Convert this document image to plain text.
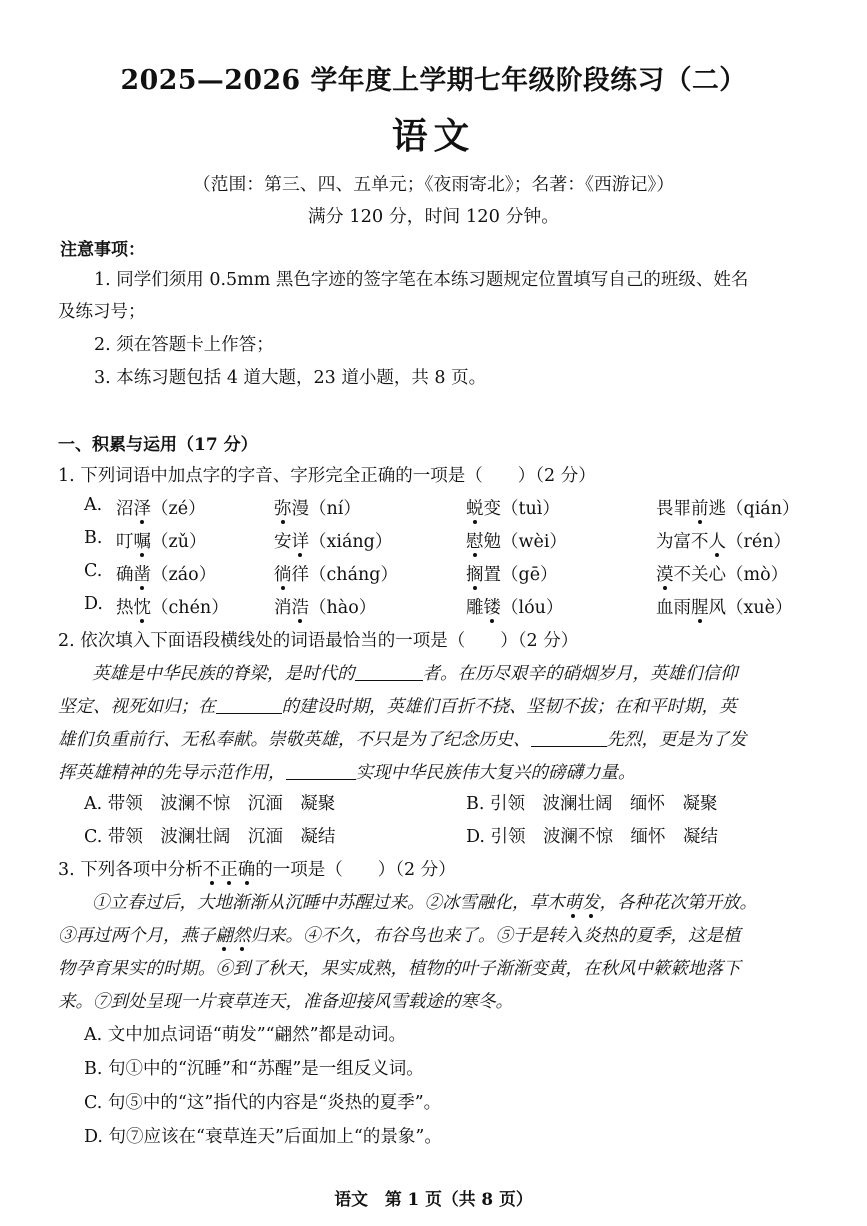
2025—2026 学年度上学期七年级阶段练习（二）
语文
（范围：第三、四、五单元；《夜雨寄北》；名著：《西游记》）
满分 120 分，时间 120 分钟。
注意事项：
1. 同学们须用 0.5mm 黑色字迹的签字笔在本练习题规定位置填写自己的班级、姓名
及练习号；
2. 须在答题卡上作答；
3. 本练习题包括 4 道大题，23 道小题，共 8 页。
一、积累与运用（17 分）
1. 下列词语中加点字的字音、字形完全正确的一项是（　　）（2 分）
A. 沼泽（zé）	弥漫（ní）	蜕变（tuì）	畏罪前逃（qián）
B. 叮嘱（zǔ）	安详（xiáng）	慰勉（wèi）	为富不人（rén）
C. 确凿（záo）	徜徉（cháng）	搁置（gē）	漠不关心（mò）
D. 热忱（chén）	消浩（hào）	雕镂（lóu）	血雨腥风（xuè）
2. 依次填入下面语段横线处的词语最恰当的一项是（　　）（2 分）
英雄是中华民族的脊梁，是时代的	者。在历尽艰辛的硝烟岁月，英雄们信仰
坚定、视死如归；在	的建设时期，英雄们百折不挠、坚韧不拔；在和平时期，英
雄们负重前行、无私奉献。崇敬英雄，不只是为了纪念历史、	先烈，更是为了发
挥英雄精神的先导示范作用，	实现中华民族伟大复兴的磅礴力量。
A. 带领　波澜不惊　沉湎　凝聚	B. 引领　波澜壮阔　缅怀　凝聚
C. 带领　波澜壮阔　沉湎　凝结	D. 引领　波澜不惊　缅怀　凝结
3. 下列各项中分析不正确的一项是（　　）（2 分）
①立春过后，大地渐渐从沉睡中苏醒过来。②冰雪融化，草木萌发，各种花次第开放。
③再过两个月，燕子翩然归来。④不久，布谷鸟也来了。⑤于是转入炎热的夏季，这是植
物孕育果实的时期。⑥到了秋天，果实成熟，植物的叶子渐渐变黄，在秋风中簌簌地落下
来。⑦到处呈现一片衰草连天，准备迎接风雪载途的寒冬。
A. 文中加点词语“萌发”“翩然”都是动词。
B. 句①中的“沉睡”和“苏醒”是一组反义词。
C. 句⑤中的“这”指代的内容是“炎热的夏季”。
D. 句⑦应该在“衰草连天”后面加上“的景象”。
语文　第 1 页（共 8 页）
